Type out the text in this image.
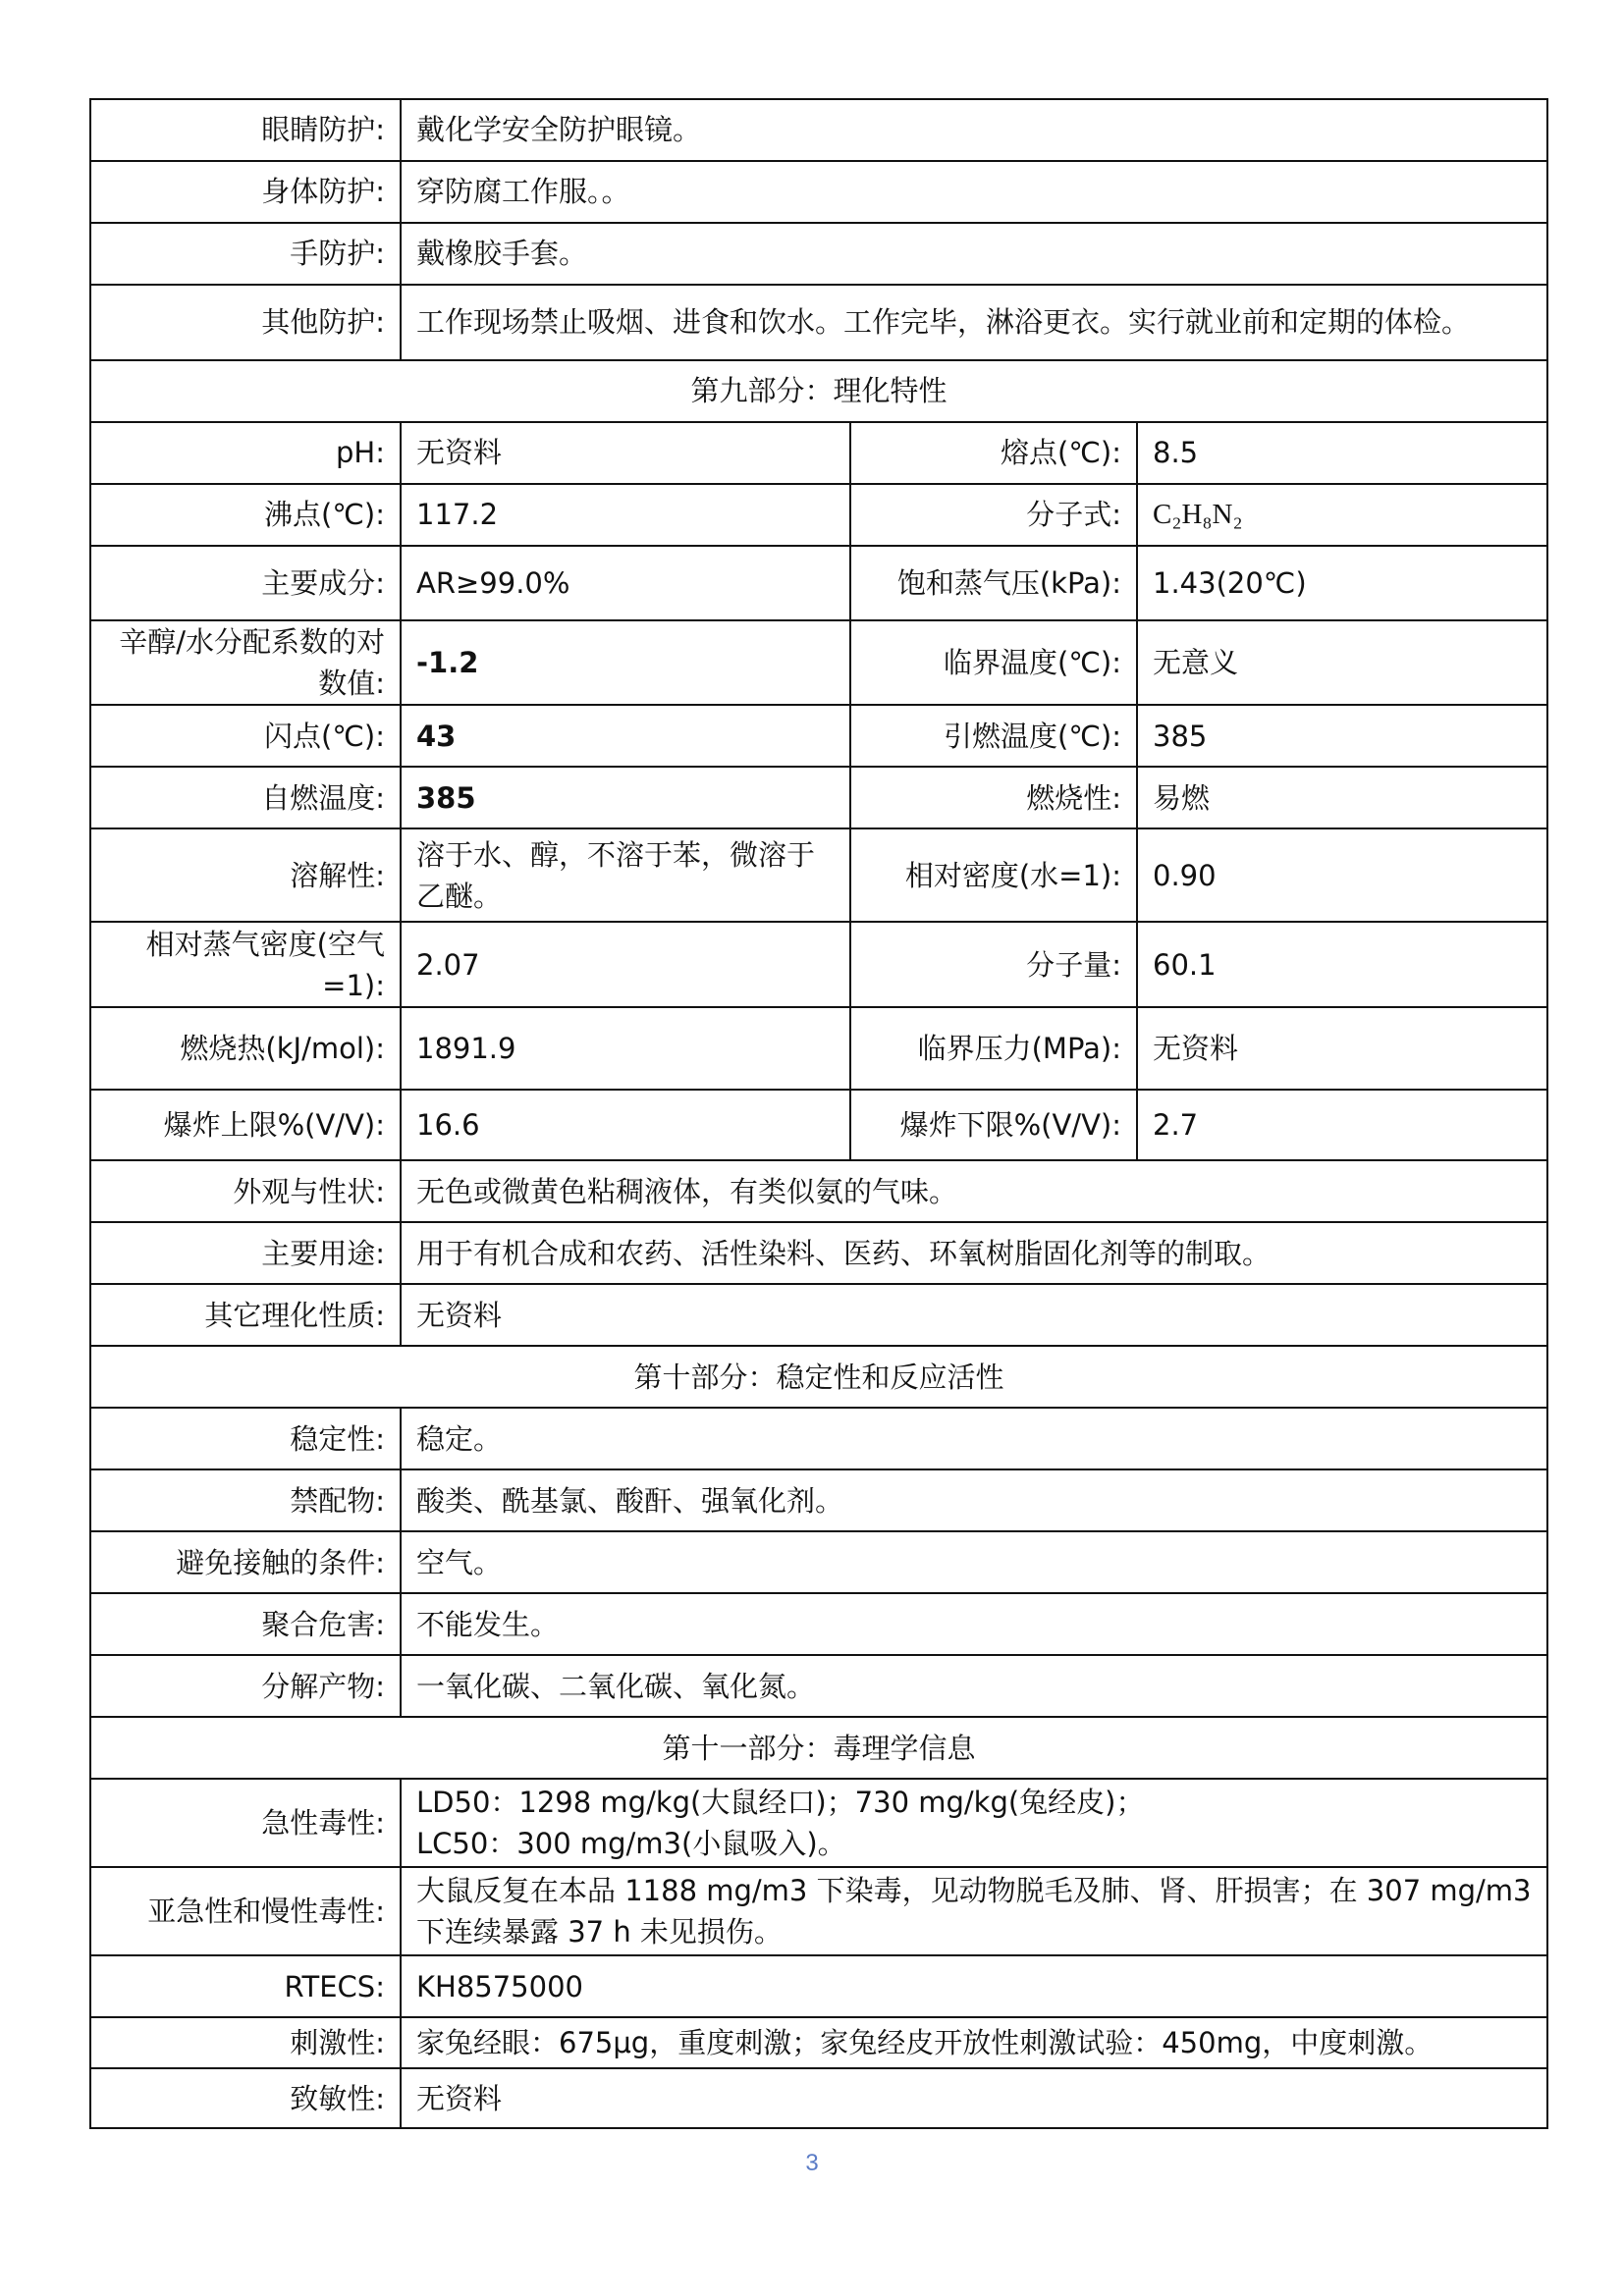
眼睛防护:	戴化学安全防护眼镜。		
身体防护:	穿防腐工作服。。		
手防护:	戴橡胶手套。		
其他防护:	工作现场禁止吸烟、进食和饮水。工作完毕，淋浴更衣。实行就业前和定期的体检。		
第九部分：理化特性			
pH:	无资料	熔点(℃):	8.5
沸点(℃):	117.2	分子式:	C₂H₈N₂
主要成分:	AR≥99.0%	饱和蒸气压(kPa):	1.43(20℃)
辛醇/水分配系数的对数值:	-1.2	临界温度(℃):	无意义
闪点(℃):	43	引燃温度(℃):	385
自燃温度:	385	燃烧性:	易燃
溶解性:	溶于水、醇，不溶于苯，微溶于乙醚。	相对密度(水=1):	0.90
相对蒸气密度(空气=1):	2.07	分子量:	60.1
燃烧热(kJ/mol):	1891.9	临界压力(MPa):	无资料
爆炸上限%(V/V):	16.6	爆炸下限%(V/V):	2.7
外观与性状:	无色或微黄色粘稠液体，有类似氨的气味。		
主要用途:	用于有机合成和农药、活性染料、医药、环氧树脂固化剂等的制取。		
其它理化性质:	无资料		
第十部分：稳定性和反应活性			
稳定性:	稳定。		
禁配物:	酸类、酰基氯、酸酐、强氧化剂。		
避免接触的条件:	空气。		
聚合危害:	不能发生。		
分解产物:	一氧化碳、二氧化碳、氧化氮。		
第十一部分：毒理学信息			
急性毒性:	LD50：1298 mg/kg(大鼠经口)；730 mg/kg(兔经皮)；
LC50：300 mg/m3(小鼠吸入)。		
亚急性和慢性毒性:	大鼠反复在本品 1188 mg/m3 下染毒，见动物脱毛及肺、肾、肝损害；在 307 mg/m3 下连续暴露 37 h 未见损伤。		
RTECS:	KH8575000		
刺激性:	家兔经眼：675μg，重度刺激；家兔经皮开放性刺激试验：450mg，中度刺激。		
致敏性:	无资料		
3
